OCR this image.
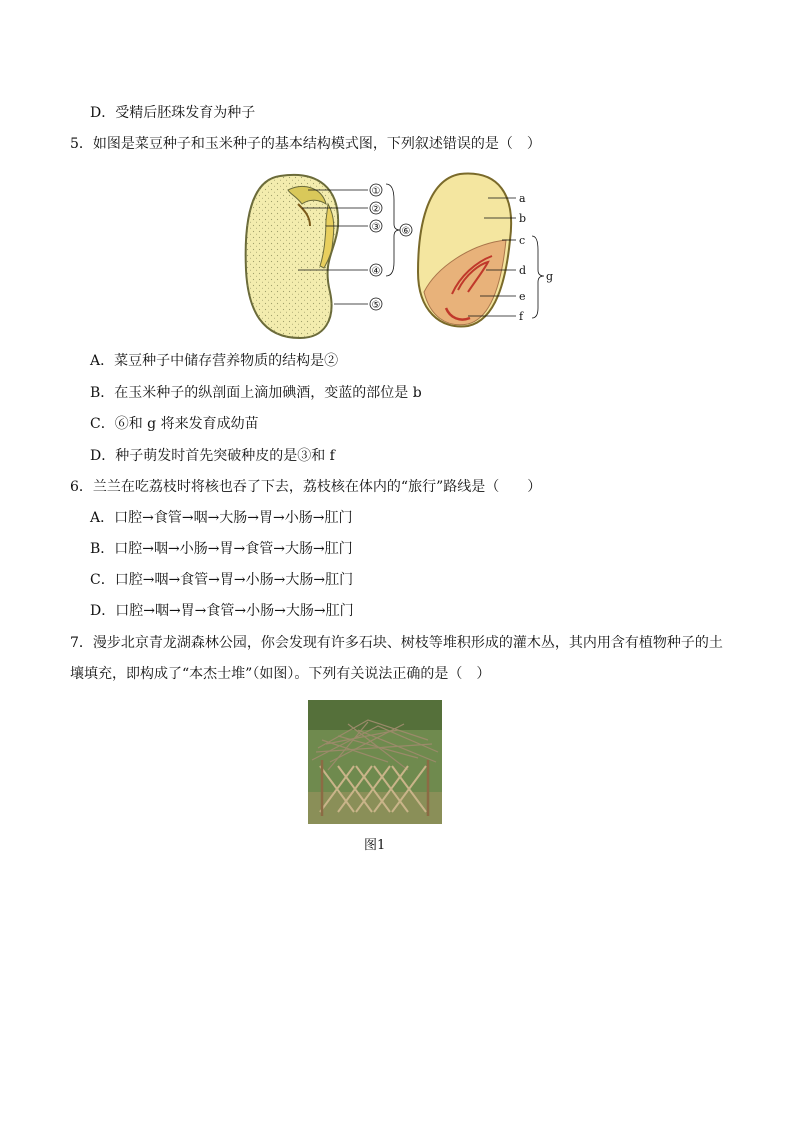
D．受精后胚珠发育为种子
5．如图是菜豆种子和玉米种子的基本结构模式图，下列叙述错误的是（　）
①
②
③
④
⑤
⑥
a
b
c
d
e
f
g
A．菜豆种子中储存营养物质的结构是②
B．在玉米种子的纵剖面上滴加碘酒，变蓝的部位是 b
C．⑥和 g 将来发育成幼苗
D．种子萌发时首先突破种皮的是③和 f
6．兰兰在吃荔枝时将核也吞了下去，荔枝核在体内的“旅行”路线是（　　）
A．口腔→食管→咽→大肠→胃→小肠→肛门
B．口腔→咽→小肠→胃→食管→大肠→肛门
C．口腔→咽→食管→胃→小肠→大肠→肛门
D．口腔→咽→胃→食管→小肠→大肠→肛门
7．漫步北京青龙湖森林公园，你会发现有许多石块、树枝等堆积形成的灌木丛，其内用含有植物种子的土
壤填充，即构成了“本杰士堆”（如图）。下列有关说法正确的是（　）
图1
